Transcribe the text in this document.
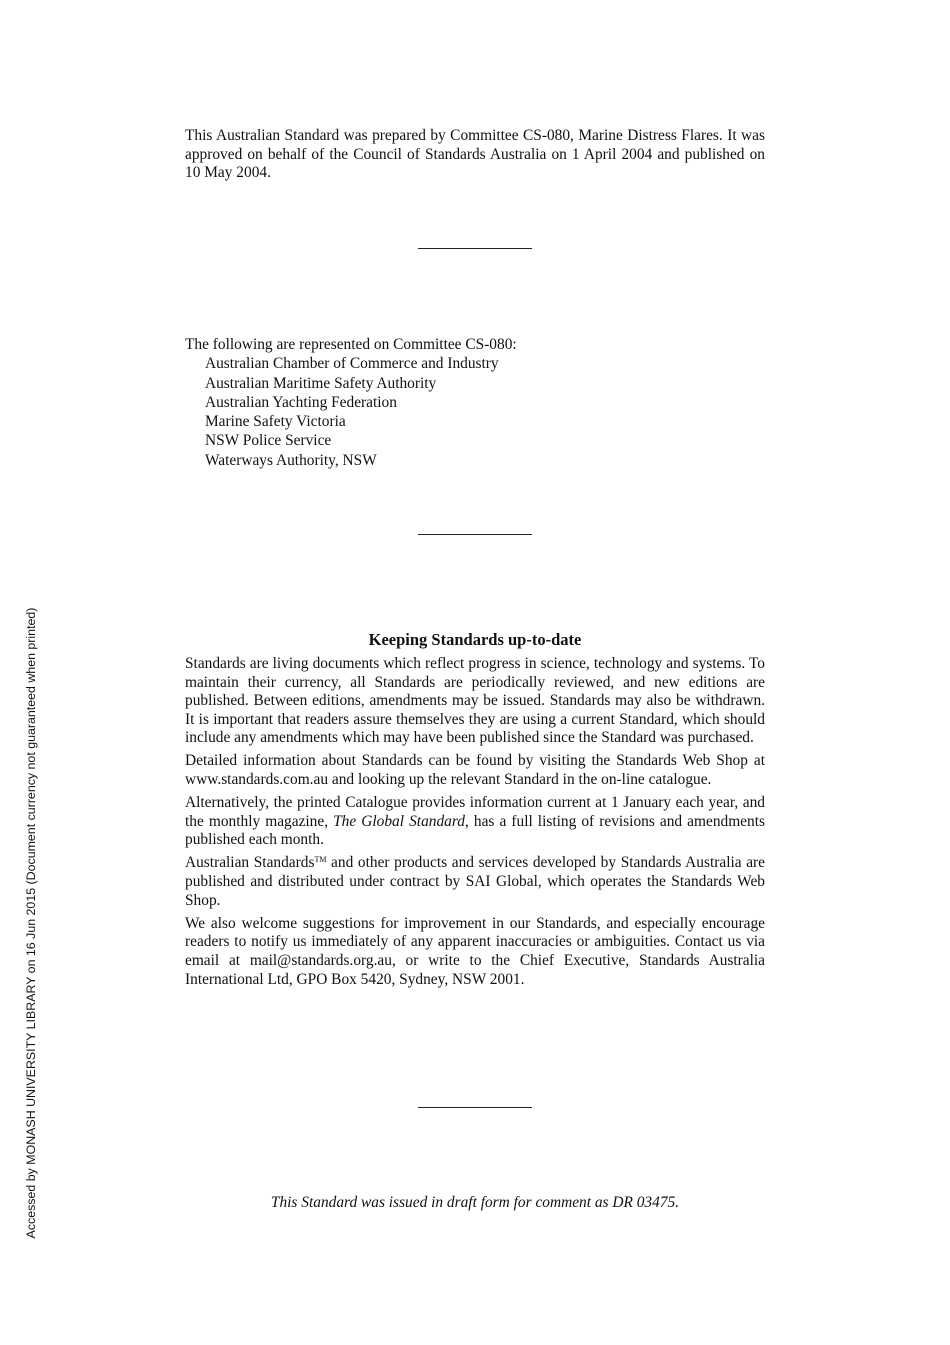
Accessed by MONASH UNIVERSITY LIBRARY on 16 Jun 2015 (Document currency not guaranteed when printed)

This Australian Standard was prepared by Committee CS-080, Marine Distress Flares. It was approved on behalf of the Council of Standards Australia on 1 April 2004 and published on 10 May 2004.

The following are represented on Committee CS-080:
Australian Chamber of Commerce and Industry
Australian Maritime Safety Authority
Australian Yachting Federation
Marine Safety Victoria
NSW Police Service
Waterways Authority, NSW
Keeping Standards up-to-date

Standards are living documents which reflect progress in science, technology and systems. To maintain their currency, all Standards are periodically reviewed, and new editions are published. Between editions, amendments may be issued. Standards may also be withdrawn. It is important that readers assure themselves they are using a current Standard, which should include any amendments which may have been published since the Standard was purchased.

Detailed information about Standards can be found by visiting the Standards Web Shop at www.standards.com.au and looking up the relevant Standard in the on-line catalogue.

Alternatively, the printed Catalogue provides information current at 1 January each year, and the monthly magazine, The Global Standard, has a full listing of revisions and amendments published each month.

Australian Standards™ and other products and services developed by Standards Australia are published and distributed under contract by SAI Global, which operates the Standards Web Shop.

We also welcome suggestions for improvement in our Standards, and especially encourage readers to notify us immediately of any apparent inaccuracies or ambiguities. Contact us via email at mail@standards.org.au, or write to the Chief Executive, Standards Australia International Ltd, GPO Box 5420, Sydney, NSW 2001.

This Standard was issued in draft form for comment as DR 03475.
